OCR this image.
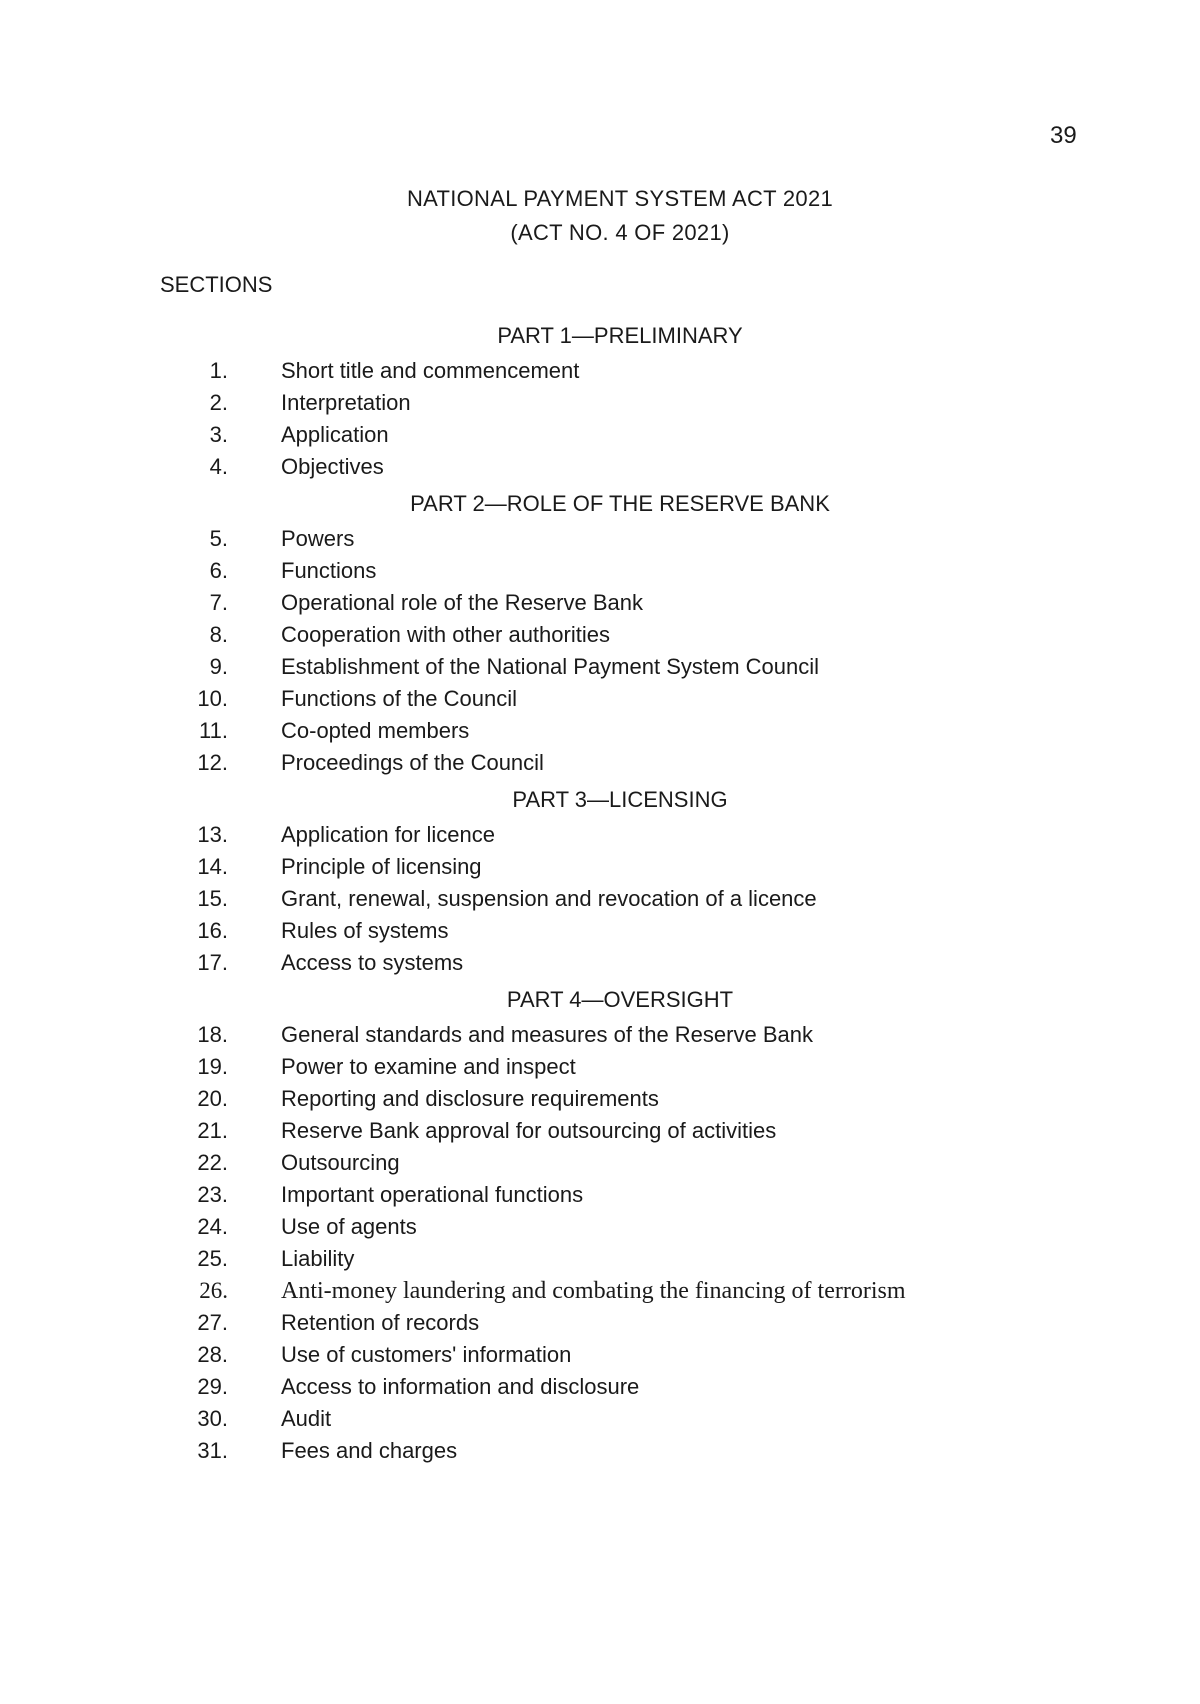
39
NATIONAL PAYMENT SYSTEM ACT 2021
(ACT NO. 4 OF 2021)
SECTIONS
PART 1—PRELIMINARY
1. Short title and commencement
2. Interpretation
3. Application
4. Objectives
PART 2—ROLE OF THE RESERVE BANK
5. Powers
6. Functions
7. Operational role of the Reserve Bank
8. Cooperation with other authorities
9. Establishment of the National Payment System Council
10. Functions of the Council
11. Co-opted members
12. Proceedings of the Council
PART 3—LICENSING
13. Application for licence
14. Principle of licensing
15. Grant, renewal, suspension and revocation of a licence
16. Rules of systems
17. Access to systems
PART 4—OVERSIGHT
18. General standards and measures of the Reserve Bank
19. Power to examine and inspect
20. Reporting and disclosure requirements
21. Reserve Bank approval for outsourcing of activities
22. Outsourcing
23. Important operational functions
24. Use of agents
25. Liability
26. Anti-money laundering and combating the financing of terrorism
27. Retention of records
28. Use of customers' information
29. Access to information and disclosure
30. Audit
31. Fees and charges
